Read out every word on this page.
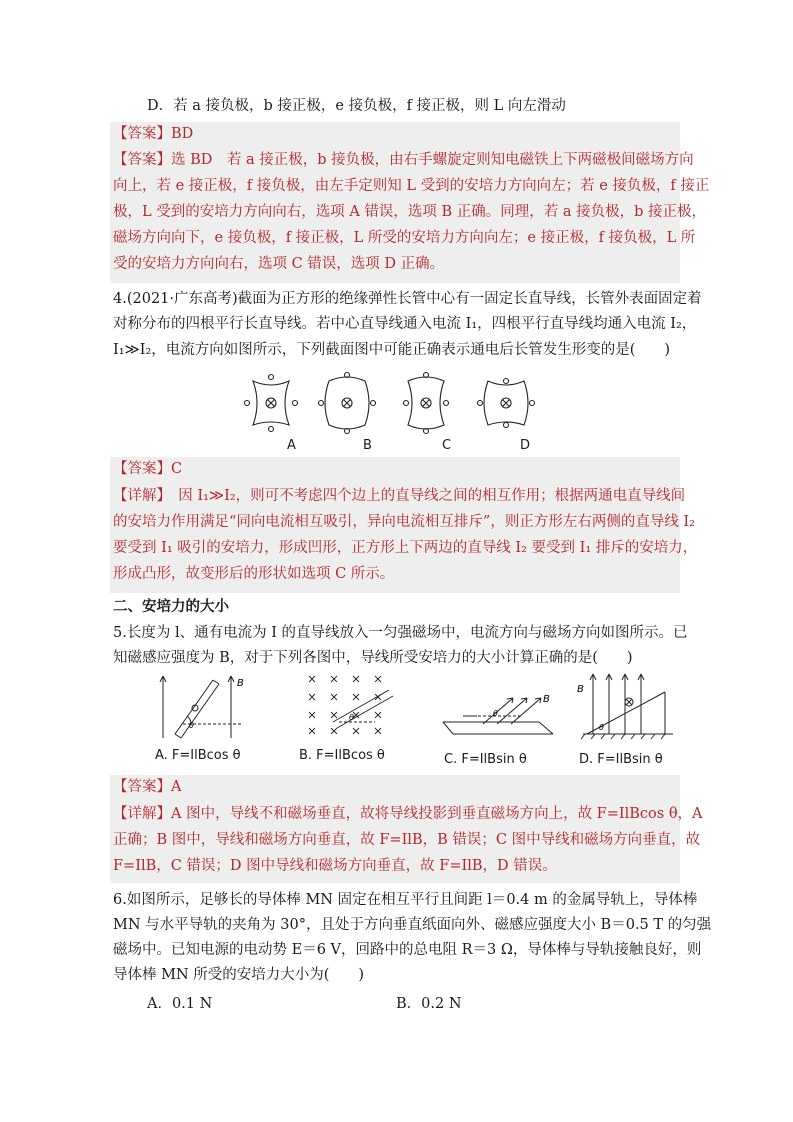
D．若 a 接负极，b 接正极，e 接负极，f 接正极，则 L 向左滑动
【答案】BD
【答案】选 BD　若 a 接正极，b 接负极，由右手螺旋定则知电磁铁上下两磁极间磁场方向
向上，若 e 接正极，f 接负极，由左手定则知 L 受到的安培力方向向左；若 e 接负极，f 接正
极，L 受到的安培力方向向右，选项 A 错误，选项 B 正确。同理，若 a 接负极，b 接正极，
磁场方向向下，e 接负极，f 接正极，L 所受的安培力方向向左；e 接正极，f 接负极，L 所
受的安培力方向向右，选项 C 错误，选项 D 正确。
4.(2021·广东高考)截面为正方形的绝缘弹性长管中心有一固定长直导线，长管外表面固定着
对称分布的四根平行长直导线。若中心直导线通入电流 I₁，四根平行直导线均通入电流 I₂，
I₁≫I₂，电流方向如图所示，下列截面图中可能正确表示通电后长管发生形变的是(　　)
A	B	C	D
【答案】C
【详解】　因 I₁≫I₂，则可不考虑四个边上的直导线之间的相互作用；根据两通电直导线间
的安培力作用满足“同向电流相互吸引，异向电流相互排斥”，则正方形左右两侧的直导线 I₂
要受到 I₁ 吸引的安培力，形成凹形，正方形上下两边的直导线 I₂ 要受到 I₁ 排斥的安培力，
形成凸形，故变形后的形状如选项 C 所示。
二、安培力的大小
5.长度为 l、通有电流为 I 的直导线放入一匀强磁场中，电流方向与磁场方向如图所示。已
知磁感应强度为 B，对于下列各图中，导线所受安培力的大小计算正确的是(　　)
B
θ
θ
B
θ
B
θ
A. F=IlBcos θ	B. F=IlBcos θ	C. F=IlBsin θ	D. F=IlBsin θ
【答案】A
【详解】A 图中，导线不和磁场垂直，故将导线投影到垂直磁场方向上，故 F=IlBcos θ，A
正确；B 图中，导线和磁场方向垂直，故 F=IlB，B 错误；C 图中导线和磁场方向垂直，故
F=IlB，C 错误；D 图中导线和磁场方向垂直，故 F=IlB，D 错误。
6.如图所示，足够长的导体棒 MN 固定在相互平行且间距 l＝0.4 m 的金属导轨上，导体棒
MN 与水平导轨的夹角为 30°，且处于方向垂直纸面向外、磁感应强度大小 B＝0.5 T 的匀强
磁场中。已知电源的电动势 E＝6 V，回路中的总电阻 R＝3 Ω，导体棒与导轨接触良好，则
导体棒 MN 所受的安培力大小为(　　)
A．0.1 N	B．0.2 N
